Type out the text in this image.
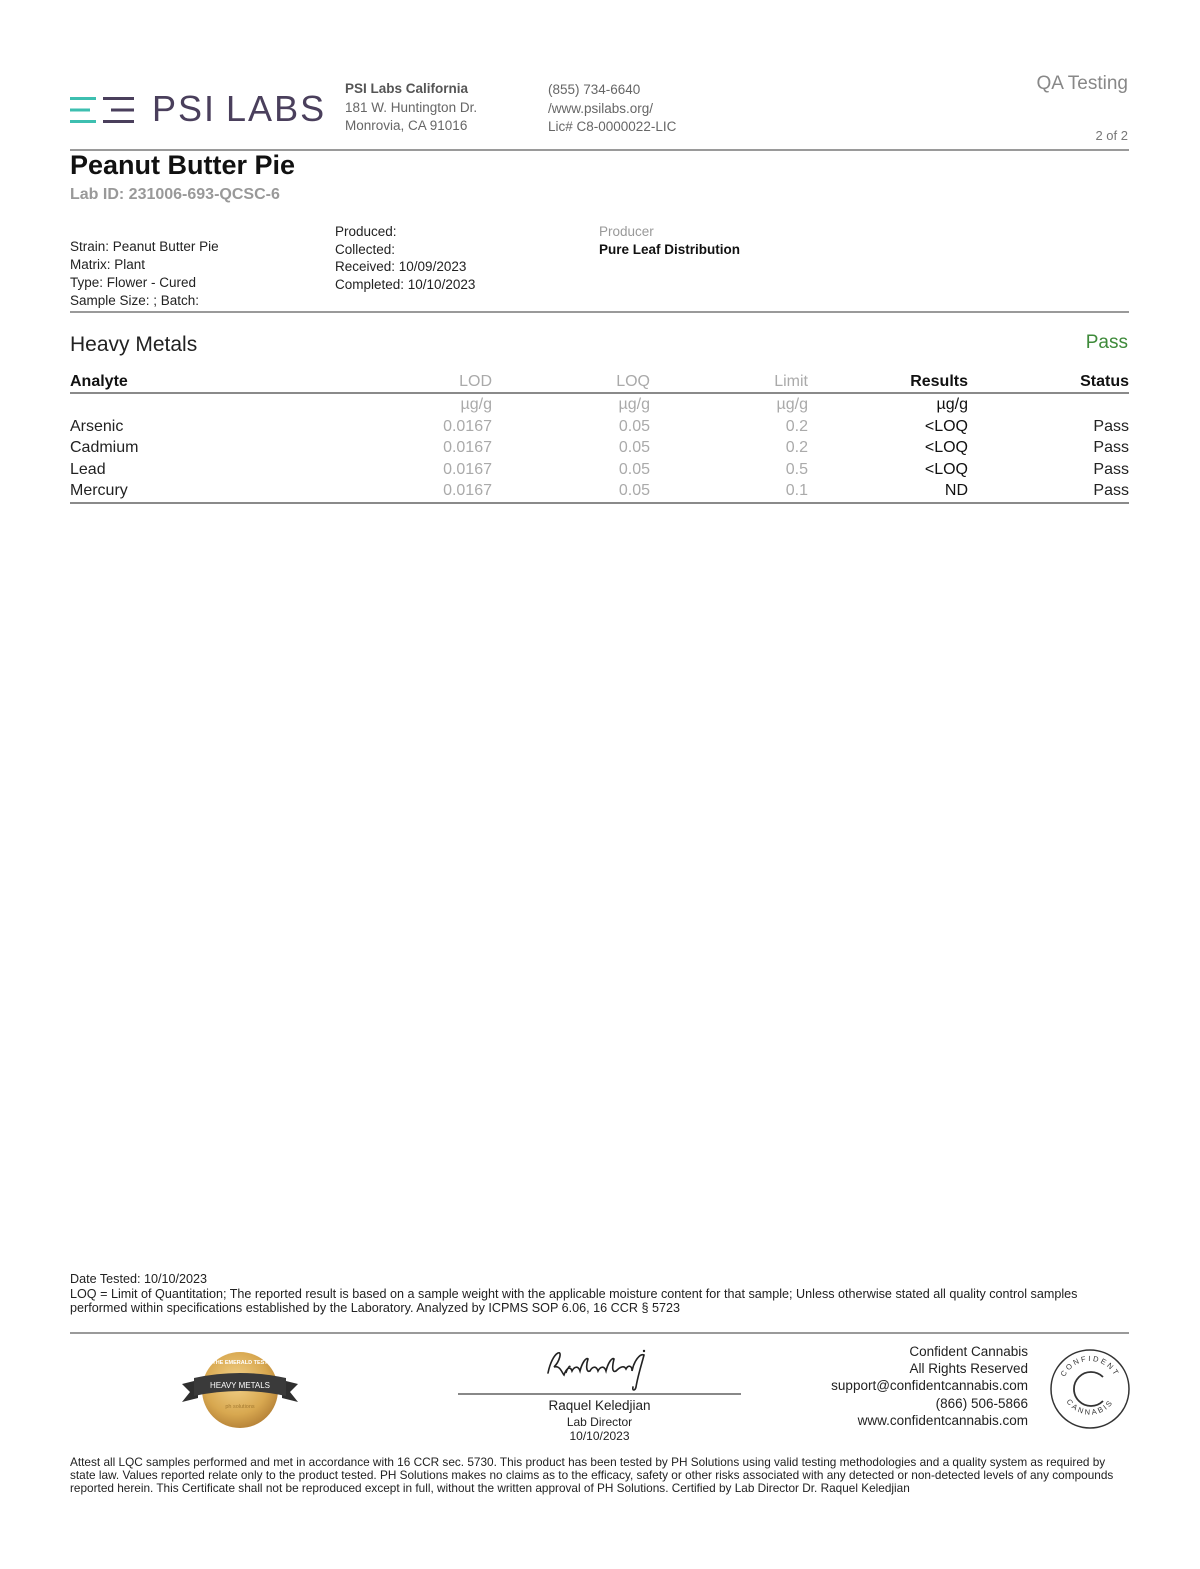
PSI LABS PSI Labs California
181 W. Huntington Dr.
Monrovia, CA 91016
(855) 734-6640
/www.psilabs.org/
Lic# C8-0000022-LIC
QA Testing
2 of 2
Peanut Butter Pie
Lab ID: 231006-693-QCSC-6
Strain: Peanut Butter Pie
Matrix: Plant
Type: Flower - Cured
Sample Size: ; Batch:
Produced:
Collected:
Received: 10/09/2023
Completed: 10/10/2023
Producer
Pure Leaf Distribution
Heavy Metals	Pass
Analyte	LOD	LOQ	Limit	Results	Status
	µg/g	µg/g	µg/g	µg/g	
Arsenic	0.0167	0.05	0.2	<LOQ	Pass
Cadmium	0.0167	0.05	0.2	<LOQ	Pass
Lead	0.0167	0.05	0.5	<LOQ	Pass
Mercury	0.0167	0.05	0.1	ND	Pass
Date Tested: 10/10/2023
LOQ = Limit of Quantitation; The reported result is based on a sample weight with the applicable moisture content for that sample; Unless otherwise stated all quality control samples performed within specifications established by the Laboratory. Analyzed by ICPMS SOP 6.06, 16 CCR § 5723
HEAVY METALS
THE EMERALD TEST
ph solutions	Raquel Keledjian
Lab Director
10/10/2023
Confident Cannabis
All Rights Reserved
support@confidentcannabis.com
(866) 506-5866
www.confidentcannabis.com
CONFIDENT
CANNABIS
Attest all LQC samples performed and met in accordance with 16 CCR sec. 5730. This product has been tested by PH Solutions using valid testing methodologies and a quality system as required by state law. Values reported relate only to the product tested. PH Solutions makes no claims as to the efficacy, safety or other risks associated with any detected or non-detected levels of any compounds reported herein. This Certificate shall not be reproduced except in full, without the written approval of PH Solutions. Certified by Lab Director Dr. Raquel Keledjian
